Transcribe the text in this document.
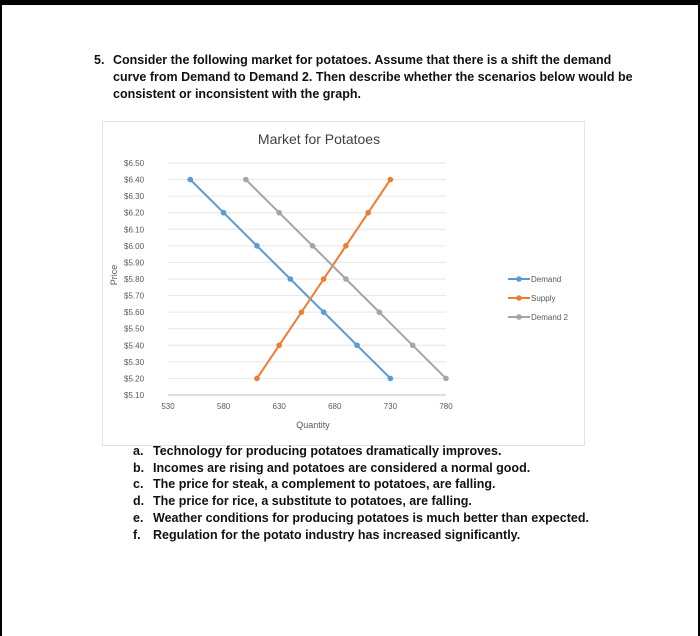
5. Consider the following market for potatoes. Assume that there is a shift the demand curve from Demand to Demand 2. Then describe whether the scenarios below would be consistent or inconsistent with the graph.
Market for Potatoes
$6.50
$6.40
$6.30
$6.20
$6.10
$6.00
$5.90
$5.80
$5.70
$5.60
$5.50
$5.40
$5.30
$5.20
$5.10
530	580	630	680	730	780
Quantity
Price	Demand
Supply
Demand 2
a. Technology for producing potatoes dramatically improves.
b. Incomes are rising and potatoes are considered a normal good.
c. The price for steak, a complement to potatoes, are falling.
d. The price for rice, a substitute to potatoes, are falling.
e. Weather conditions for producing potatoes is much better than expected.
f. Regulation for the potato industry has increased significantly.
